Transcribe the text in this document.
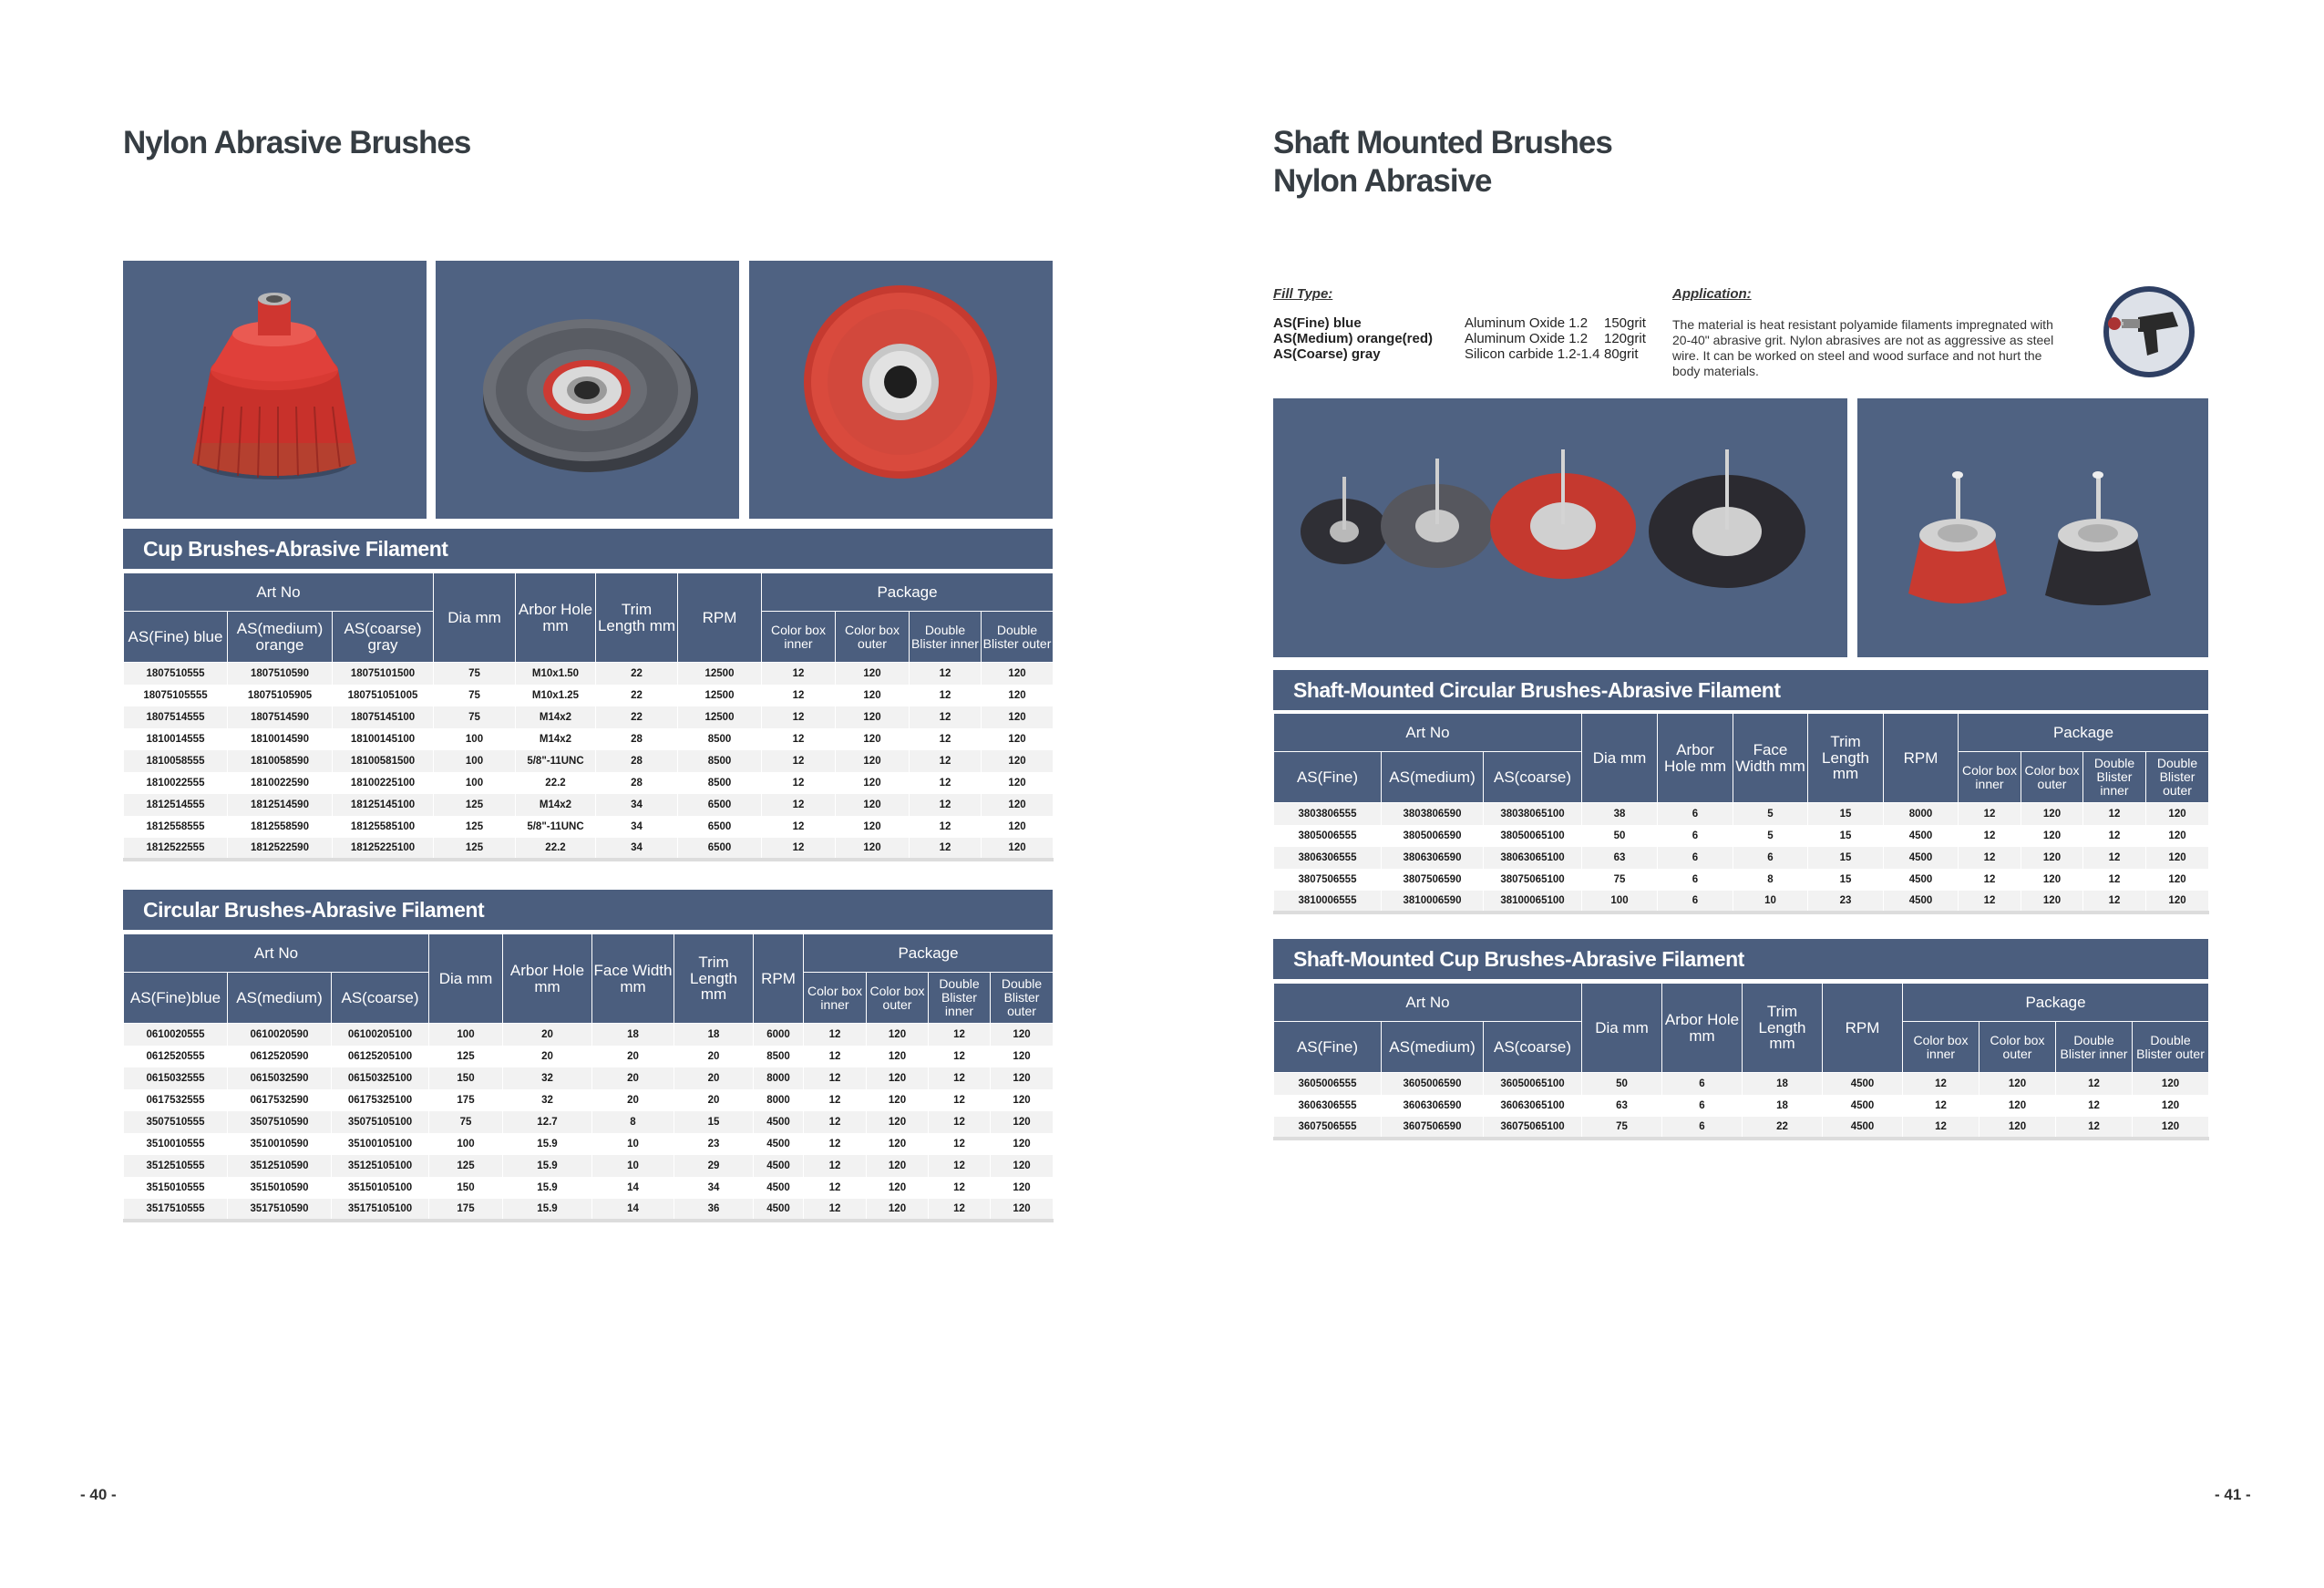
Nylon Abrasive Brushes
Cup Brushes-Abrasive Filament
Art No			Dia mm	Arbor Hole mm	Trim Length mm	RPM	Package			
AS(Fine) blue	AS(medium) orange	AS(coarse) gray					Color box inner	Color box outer	Double Blister inner	Double Blister outer
1807510555	1807510590	18075101500	75	M10x1.50	22	12500	12	120	12	120
18075105555	18075105905	180751051005	75	M10x1.25	22	12500	12	120	12	120
1807514555	1807514590	18075145100	75	M14x2	22	12500	12	120	12	120
1810014555	1810014590	18100145100	100	M14x2	28	8500	12	120	12	120
1810058555	1810058590	18100581500	100	5/8"-11UNC	28	8500	12	120	12	120
1810022555	1810022590	18100225100	100	22.2	28	8500	12	120	12	120
1812514555	1812514590	18125145100	125	M14x2	34	6500	12	120	12	120
1812558555	1812558590	18125585100	125	5/8"-11UNC	34	6500	12	120	12	120
1812522555	1812522590	18125225100	125	22.2	34	6500	12	120	12	120
Circular Brushes-Abrasive Filament
Art No			Dia mm	Arbor Hole mm	Face Width mm	Trim Length mm	RPM	Package			
AS(Fine)blue	AS(medium)	AS(coarse)						Color box inner	Color box outer	Double Blister inner	Double Blister outer
0610020555	0610020590	06100205100	100	20	18	18	6000	12	120	12	120
0612520555	0612520590	06125205100	125	20	20	20	8500	12	120	12	120
0615032555	0615032590	06150325100	150	32	20	20	8000	12	120	12	120
0617532555	0617532590	06175325100	175	32	20	20	8000	12	120	12	120
3507510555	3507510590	35075105100	75	12.7	8	15	4500	12	120	12	120
3510010555	3510010590	35100105100	100	15.9	10	23	4500	12	120	12	120
3512510555	3512510590	35125105100	125	15.9	10	29	4500	12	120	12	120
3515010555	3515010590	35150105100	150	15.9	14	34	4500	12	120	12	120
3517510555	3517510590	35175105100	175	15.9	14	36	4500	12	120	12	120
- 40 -
Shaft Mounted Brushes
Nylon Abrasive
Fill Type:
AS(Fine) blue	Aluminum Oxide 1.2 150grit
AS(Medium) orange(red) Aluminum Oxide 1.2 120grit
AS(Coarse) gray	Silicon carbide 1.2-1.4 80grit
Application:
The material is heat resistant polyamide filaments impregnated with 20-40" abrasive grit. Nylon abrasives are not as aggressive as steel wire. It can be worked on steel and wood surface and not hurt the body materials.
Shaft-Mounted Circular Brushes-Abrasive Filament
Art No			Dia mm	Arbor Hole mm	Face Width mm	Trim Length mm	RPM	Package			
AS(Fine)	AS(medium)	AS(coarse)						Color box inner	Color box outer	Double Blister inner	Double Blister outer
3803806555	3803806590	38038065100	38	6	5	15	8000	12	120	12	120
3805006555	3805006590	38050065100	50	6	5	15	4500	12	120	12	120
3806306555	3806306590	38063065100	63	6	6	15	4500	12	120	12	120
3807506555	3807506590	38075065100	75	6	8	15	4500	12	120	12	120
3810006555	3810006590	38100065100	100	6	10	23	4500	12	120	12	120
Shaft-Mounted Cup Brushes-Abrasive Filament
Art No			Dia mm	Arbor Hole mm	Trim Length mm	RPM	Package			
AS(Fine)	AS(medium)	AS(coarse)					Color box inner	Color box outer	Double Blister inner	Double Blister outer
3605006555	3605006590	36050065100	50	6	18	4500	12	120	12	120
3606306555	3606306590	36063065100	63	6	18	4500	12	120	12	120
3607506555	3607506590	36075065100	75	6	22	4500	12	120	12	120
- 41 -
